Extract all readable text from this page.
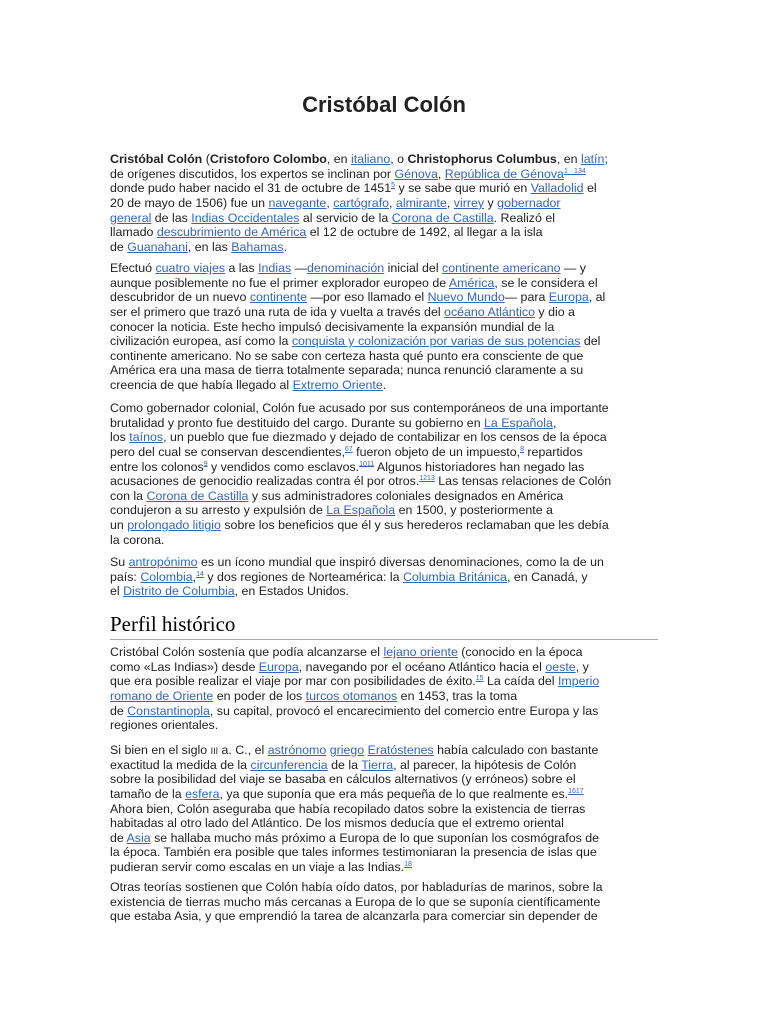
Cristóbal Colón
Cristóbal Colón (Cristoforo Colombo, en italiano, o Christophorus Columbus, en latín;
de orígenes discutidos, los expertos se inclinan por Génova, República de Génova$^{1 \cdot 134}$
donde pudo haber nacido el 31 de octubre de 1451$^5$ y se sabe que murió en Valladolid el
20 de mayo de 1506) fue un navegante, cartógrafo, almirante, virrey y gobernador
general de las Indias Occidentales al servicio de la Corona de Castilla. Realizó el
llamado descubrimiento de América el 12 de octubre de 1492, al llegar a la isla
de Guanahani, en las Bahamas.
Efectuó cuatro viajes a las Indias —denominación inicial del continente americano — y
aunque posiblemente no fue el primer explorador europeo de América, se le considera el
descubridor de un nuevo continente —por eso llamado el Nuevo Mundo— para Europa, al
ser el primero que trazó una ruta de ida y vuelta a través del océano Atlántico y dio a
conocer la noticia. Este hecho impulsó decisivamente la expansión mundial de la
civilización europea, así como la conquista y colonización por varias de sus potencias del
continente americano. No se sabe con certeza hasta qué punto era consciente de que
América era una masa de tierra totalmente separada; nunca renunció claramente a su
creencia de que había llegado al Extremo Oriente.
Como gobernador colonial, Colón fue acusado por sus contemporáneos de una importante
brutalidad y pronto fue destituido del cargo. Durante su gobierno en La Española,
los taínos, un pueblo que fue diezmado y dejado de contabilizar en los censos de la época
pero del cual se conservan descendientes,$^{67}$ fueron objeto de un impuesto,$^8$ repartidos
entre los colonos$^9$ y vendidos como esclavos.$^{1011}$ Algunos historiadores han negado las
acusaciones de genocidio realizadas contra él por otros.$^{1213}$ Las tensas relaciones de Colón
con la Corona de Castilla y sus administradores coloniales designados en América
condujeron a su arresto y expulsión de La Española en 1500, y posteriormente a
un prolongado litigio sobre los beneficios que él y sus herederos reclamaban que les debía
la corona.
Su antropónimo es un ícono mundial que inspiró diversas denominaciones, como la de un
país: Colombia,$^{14}$ y dos regiones de Norteamérica: la Columbia Británica, en Canadá, y
el Distrito de Columbia, en Estados Unidos.
Perfil histórico
Cristóbal Colón sostenía que podía alcanzarse el lejano oriente (conocido en la época
como «Las Indias») desde Europa, navegando por el océano Atlántico hacia el oeste, y
que era posible realizar el viaje por mar con posibilidades de éxito.$^{15}$ La caída del Imperio
romano de Oriente en poder de los turcos otomanos en 1453, tras la toma
de Constantinopla, su capital, provocó el encarecimiento del comercio entre Europa y las
regiones orientales.
Si bien en el siglo III a. C., el astrónomo griego Eratóstenes había calculado con bastante
exactitud la medida de la circunferencia de la Tierra, al parecer, la hipótesis de Colón
sobre la posibilidad del viaje se basaba en cálculos alternativos (y erróneos) sobre el
tamaño de la esfera, ya que suponía que era más pequeña de lo que realmente es.$^{1617}$
Ahora bien, Colón aseguraba que había recopilado datos sobre la existencia de tierras
habitadas al otro lado del Atlántico. De los mismos deducía que el extremo oriental
de Asia se hallaba mucho más próximo a Europa de lo que suponían los cosmógrafos de
la época. También era posible que tales informes testimoniaran la presencia de islas que
pudieran servir como escalas en un viaje a las Indias.$^{18}$
Otras teorías sostienen que Colón había oído datos, por habladurías de marinos, sobre la
existencia de tierras mucho más cercanas a Europa de lo que se suponía científicamente
que estaba Asia, y que emprendió la tarea de alcanzarla para comerciar sin depender de
